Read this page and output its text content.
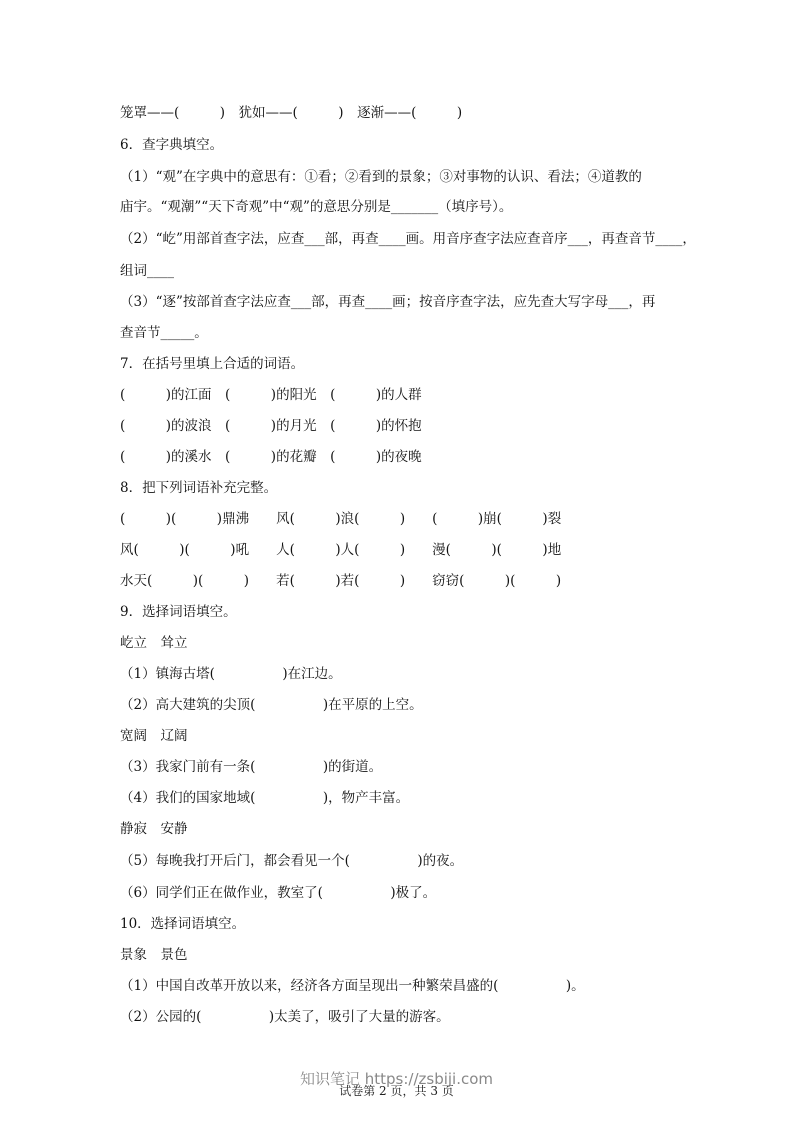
笼罩——(　　　)　犹如——(　　　)　逐渐——(　　　)
6．查字典填空。
（1）“观”在字典中的意思有：①看；②看到的景象；③对事物的认识、看法；④道教的
庙宇。“观潮”“天下奇观”中“观”的意思分别是_______（填序号）。
（2）“屹”用部首查字法，应查___部，再查____画。用音序查字法应查音序___，再查音节____，
组词____
（3）“逐”按部首查字法应查___部，再查____画；按音序查字法，应先查大写字母___，再
查音节_____。
7．在括号里填上合适的词语。
(　　　)的江面　(　　　)的阳光　(　　　)的人群
(　　　)的波浪　(　　　)的月光　(　　　)的怀抱
(　　　)的溪水　(　　　)的花瓣　(　　　)的夜晚
8．把下列词语补充完整。
(　　　)(　　　)鼎沸　　风(　　　)浪(　　　)　　(　　　)崩(　　　)裂
风(　　　)(　　　)吼　　人(　　　)人(　　　)　　漫(　　　)(　　　)地
水天(　　　)(　　　)　　若(　　　)若(　　　)　　窃窃(　　　)(　　　)
9．选择词语填空。
屹立　耸立
（1）镇海古塔(　　　　　)在江边。
（2）高大建筑的尖顶(　　　　　)在平原的上空。
宽阔　辽阔
（3）我家门前有一条(　　　　　)的街道。
（4）我们的国家地域(　　　　　)，物产丰富。
静寂　安静
（5）每晚我打开后门，都会看见一个(　　　　　)的夜。
（6）同学们正在做作业，教室了(　　　　　)极了。
10．选择词语填空。
景象　景色
（1）中国自改革开放以来，经济各方面呈现出一种繁荣昌盛的(　　　　　)。
（2）公园的(　　　　　)太美了，吸引了大量的游客。
试卷第 2 页，共 3 页
知识笔记 https://zsbiji.com
